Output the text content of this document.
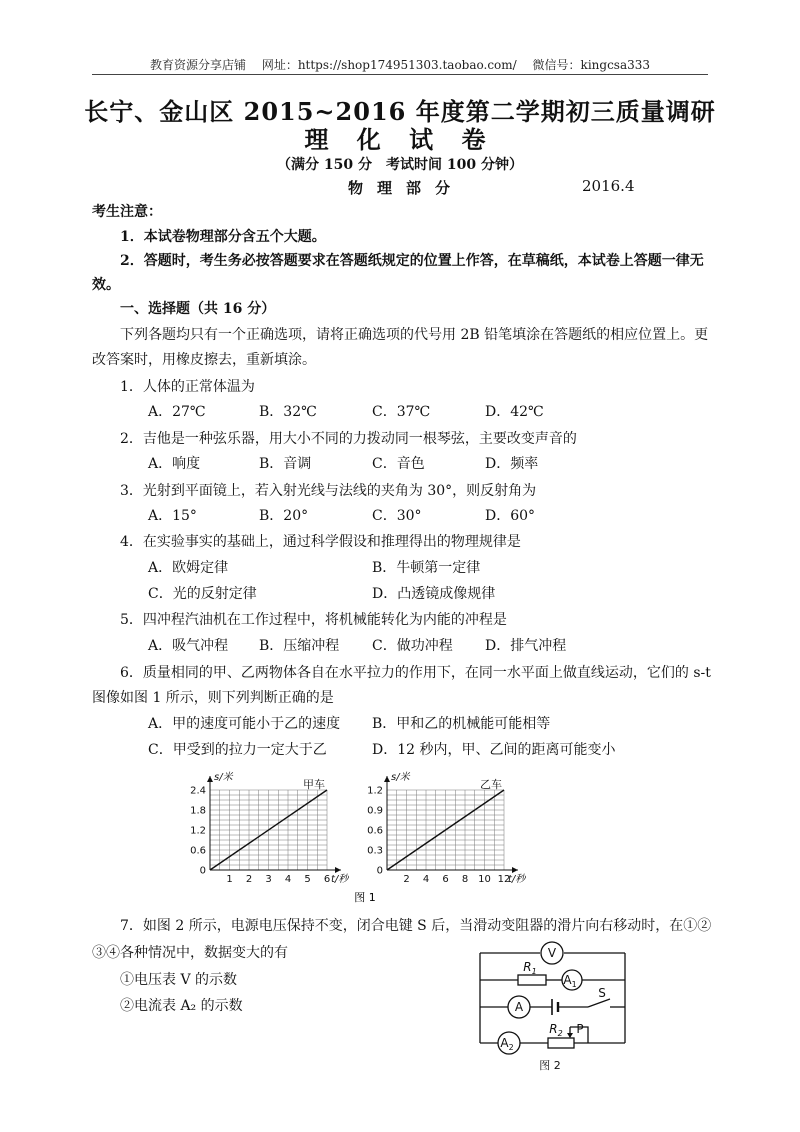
教育资源分享店铺 网址：https://shop174951303.taobao.com/ 微信号：kingcsa333
长宁、金山区 2015~2016 年度第二学期初三质量调研
理 化 试 卷
（满分 150 分　考试时间 100 分钟）
物理部分	2016.4
考生注意：
1．本试卷物理部分含五个大题。
2．答题时，考生务必按答题要求在答题纸规定的位置上作答，在草稿纸，本试卷上答题一律无
效。
一、选择题（共 16 分）
下列各题均只有一个正确选项，请将正确选项的代号用 2B 铅笔填涂在答题纸的相应位置上。更
改答案时，用橡皮擦去，重新填涂。
1．人体的正常体温为
A．27℃	B．32℃	C．37℃	D．42℃
2．吉他是一种弦乐器，用大小不同的力拨动同一根琴弦，主要改变声音的
A．响度	B．音调	C．音色	D．频率
3．光射到平面镜上，若入射光线与法线的夹角为 30°，则反射角为
A．15°	B．20°	C．30°	D．60°
4．在实验事实的基础上，通过科学假设和推理得出的物理规律是
A．欧姆定律	B．牛顿第一定律
C．光的反射定律	D．凸透镜成像规律
5．四冲程汽油机在工作过程中，将机械能转化为内能的冲程是
A．吸气冲程 B．压缩冲程 C．做功冲程 D．排气冲程
6．质量相同的甲、乙两物体各自在水平拉力的作用下，在同一水平面上做直线运动，它们的 s-t
图像如图 1 所示，则下列判断正确的是
A．甲的速度可能小于乙的速度 B．甲和乙的机械能可能相等
C．甲受到的拉力一定大于乙	D．12 秒内，甲、乙间的距离可能变小
1 2 3 4 5 6
0
0.6
1.2
1.8
2.4
s/米
t/秒
甲车
2 4 6 8 10 12
0
0.3
0.6
0.9
1.2
s/米
t/秒
乙车
图 1
7．如图 2 所示，电源电压保持不变，闭合电键 S 后，当滑动变阻器的滑片向右移动时，在①②
③④各种情况中，数据变大的有
①电压表 V 的示数
②电流表 A₂ 的示数
V
$A_1$
A
$A_2$
$R_1$
$R_2$ P
S
图 2
